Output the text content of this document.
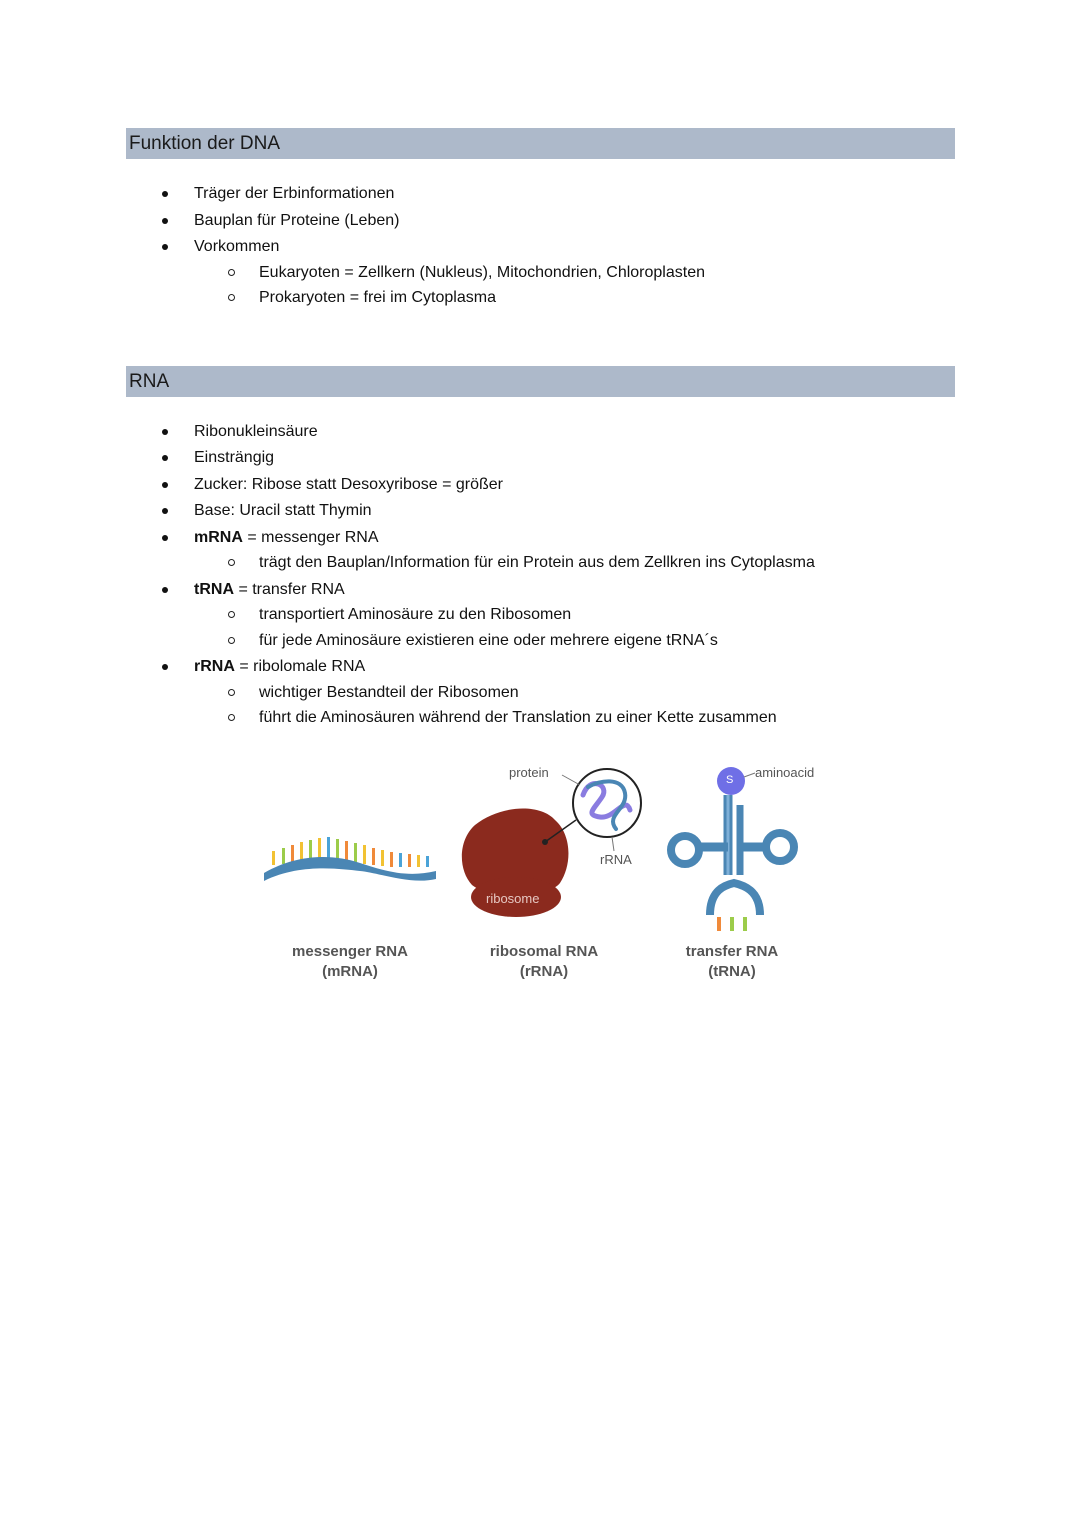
Funktion der DNA
Träger der Erbinformationen
Bauplan für Proteine (Leben)
Vorkommen
Eukaryoten = Zellkern (Nukleus), Mitochondrien, Chloroplasten
Prokaryoten = frei im Cytoplasma
RNA
Ribonukleinsäure
Einsträngig
Zucker: Ribose statt Desoxyribose = größer
Base: Uracil statt Thymin
mRNA = messenger RNA
trägt den Bauplan/Information für ein Protein aus dem Zellkren ins Cytoplasma
tRNA = transfer RNA
transportiert Aminosäure zu den Ribosomen
für jede Aminosäure existieren eine oder mehrere eigene tRNA´s
rRNA = ribolomale RNA
wichtiger Bestandteil der Ribosomen
führt die Aminosäuren während der Translation zu einer Kette zusammen
protein
rRNA
ribosome
aminoacid
S
messenger RNA
(mRNA)
ribosomal RNA
(rRNA)
transfer RNA
(tRNA)
